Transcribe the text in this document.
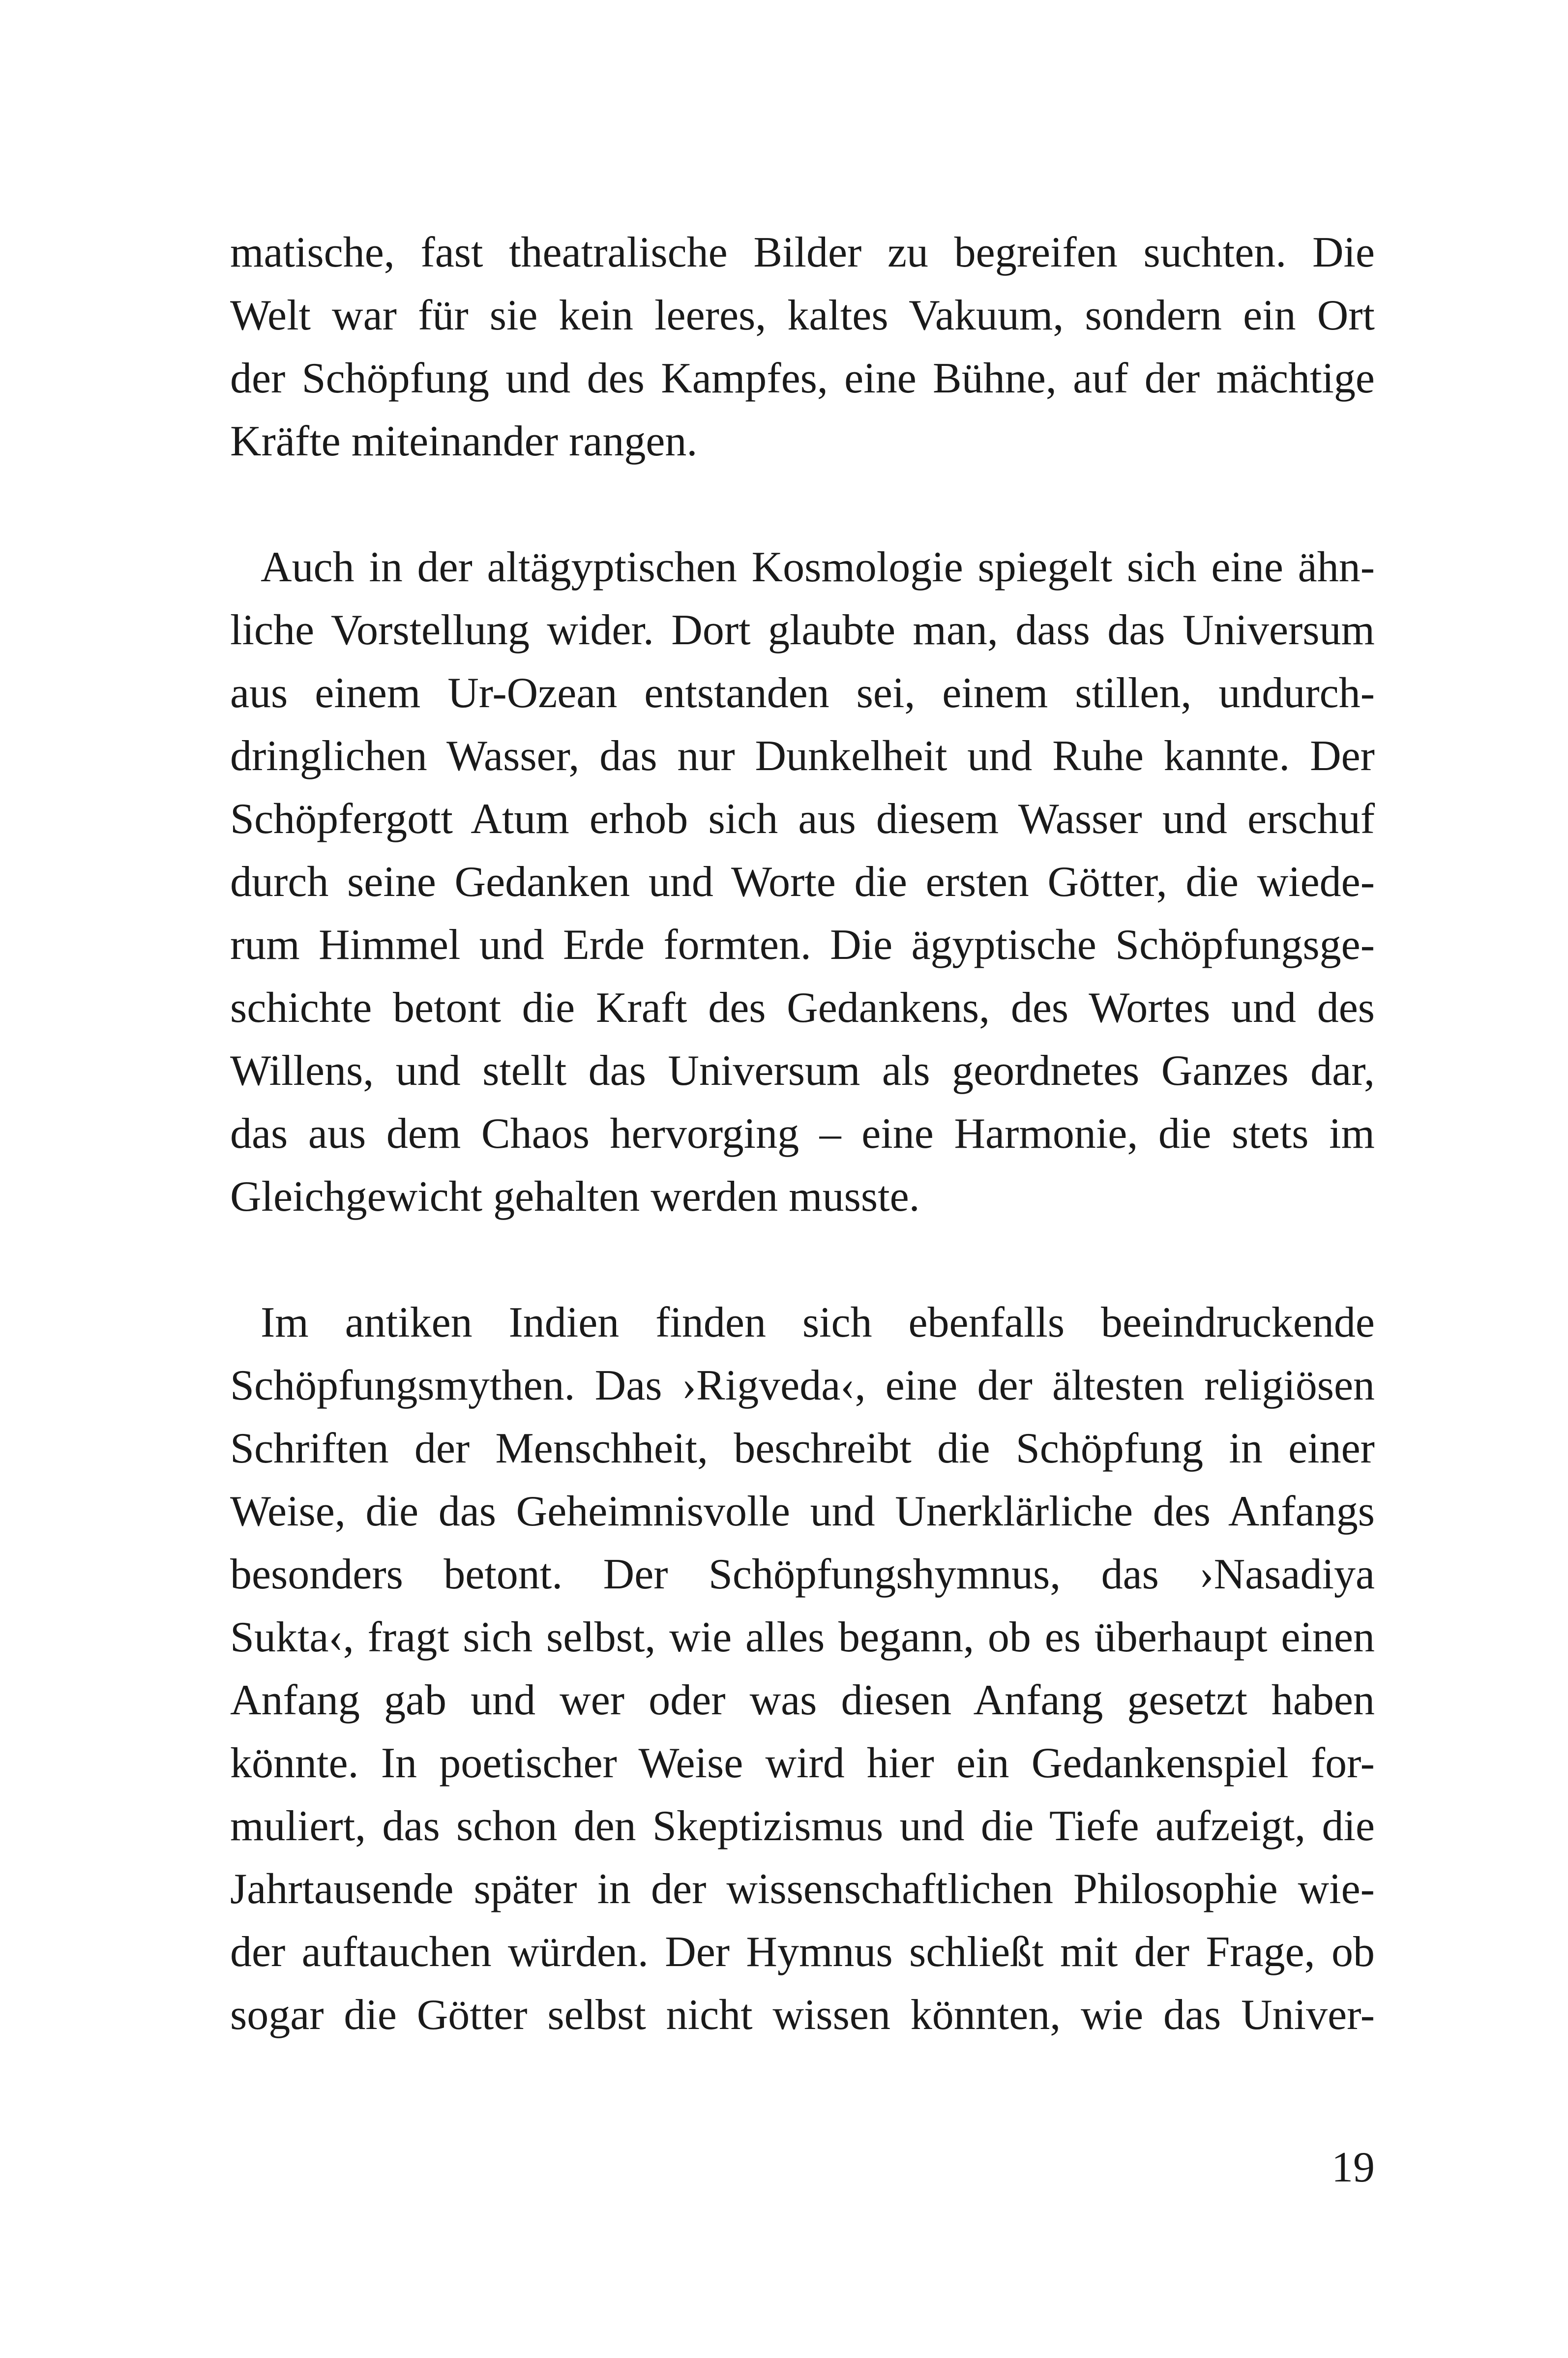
matische, fast theatralische Bilder zu begreifen suchten. Die
Welt war für sie kein leeres, kaltes Vakuum, sondern ein Ort
der Schöpfung und des Kampfes, eine Bühne, auf der mächtige
Kräfte miteinander rangen.
Auch in der altägyptischen Kosmologie spiegelt sich eine ähn-
liche Vorstellung wider. Dort glaubte man, dass das Universum
aus einem Ur-Ozean entstanden sei, einem stillen, undurch-
dringlichen Wasser, das nur Dunkelheit und Ruhe kannte. Der
Schöpfergott Atum erhob sich aus diesem Wasser und erschuf
durch seine Gedanken und Worte die ersten Götter, die wiede-
rum Himmel und Erde formten. Die ägyptische Schöpfungsge-
schichte betont die Kraft des Gedankens, des Wortes und des
Willens, und stellt das Universum als geordnetes Ganzes dar,
das aus dem Chaos hervorging – eine Harmonie, die stets im
Gleichgewicht gehalten werden musste.
Im antiken Indien finden sich ebenfalls beeindruckende
Schöpfungsmythen. Das ›Rigveda‹, eine der ältesten religiösen
Schriften der Menschheit, beschreibt die Schöpfung in einer
Weise, die das Geheimnisvolle und Unerklärliche des Anfangs
besonders betont. Der Schöpfungshymnus, das ›Nasadiya
Sukta‹, fragt sich selbst, wie alles begann, ob es überhaupt einen
Anfang gab und wer oder was diesen Anfang gesetzt haben
könnte. In poetischer Weise wird hier ein Gedankenspiel for-
muliert, das schon den Skeptizismus und die Tiefe aufzeigt, die
Jahrtausende später in der wissenschaftlichen Philosophie wie-
der auftauchen würden. Der Hymnus schließt mit der Frage, ob
sogar die Götter selbst nicht wissen könnten, wie das Univer-
19
